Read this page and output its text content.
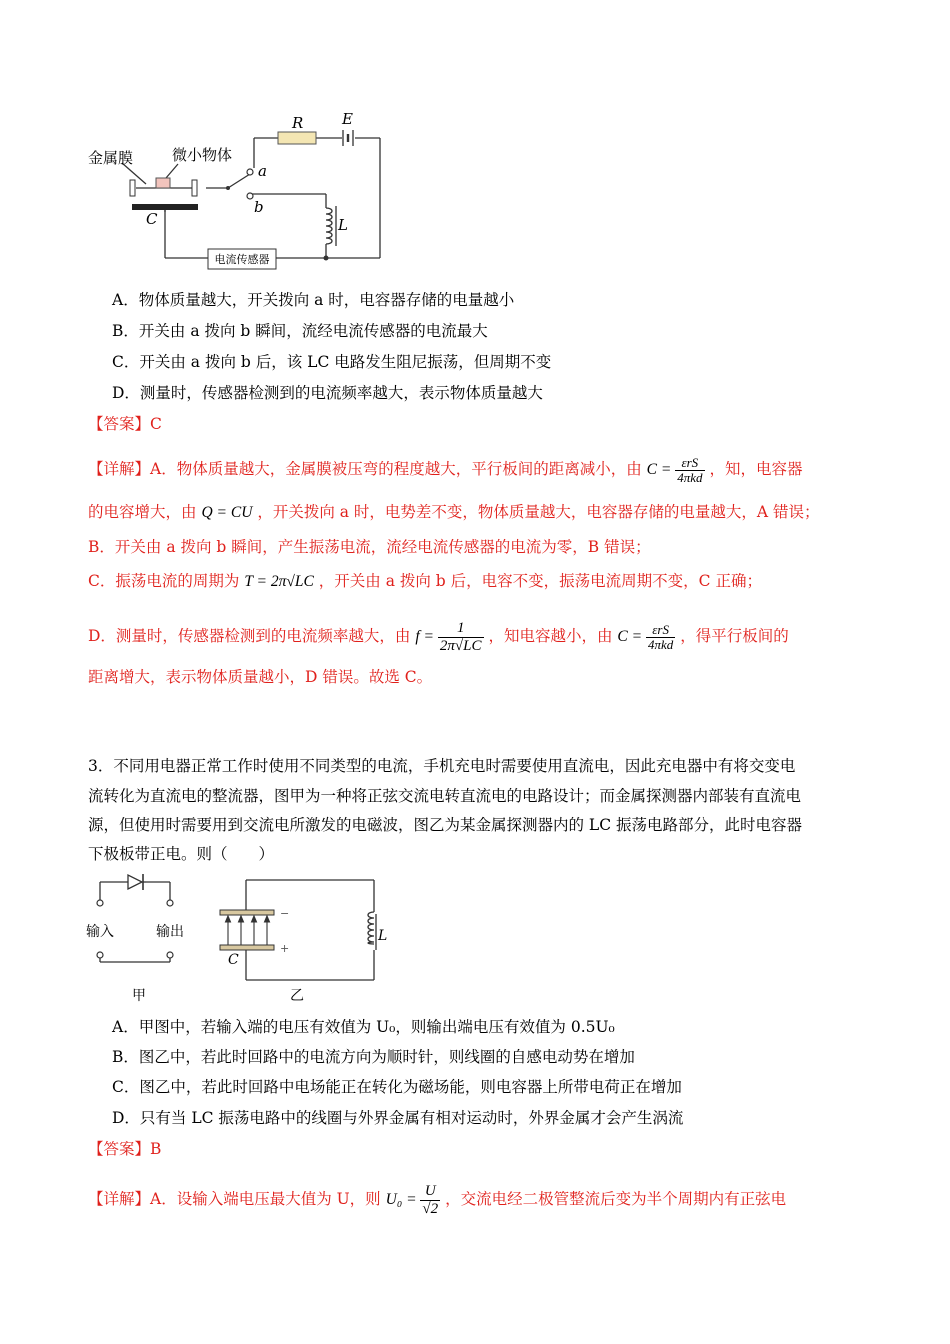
电流传感器
金属膜	微小物体
R	E
a
b
C	L
A．物体质量越大，开关拨向 a 时，电容器存储的电量越小
B．开关由 a 拨向 b 瞬间，流经电流传感器的电流最大
C．开关由 a 拨向 b 后，该 LC 电路发生阻尼振荡，但周期不变
D．测量时，传感器检测到的电流频率越大，表示物体质量越大
【答案】C
【详解】A．物体质量越大，金属膜被压弯的程度越大，平行板间的距离减小，由 $C = \frac{\text{εrS}}{\text{4πkd}}$ ，知，电容器
的电容增大，由 Q = CU ，开关拨向 a 时，电势差不变，物体质量越大，电容器存储的电量越大，A 错误；
B．开关由 a 拨向 b 瞬间，产生振荡电流，流经电流传感器的电流为零，B 错误；
C．振荡电流的周期为 T = 2π√LC ，开关由 a 拨向 b 后，电容不变，振荡电流周期不变，C 正确；
D．测量时，传感器检测到的电流频率越大，由 $f = \frac{1}{2\pi√LC}$ ，知电容越小，由 $C = \frac{\text{εrS}}{\text{4πkd}}$ ，得平行板间的
距离增大，表示物体质量越小，D 错误。故选 C。
3．不同用电器正常工作时使用不同类型的电流，手机充电时需要使用直流电，因此充电器中有将交变电
流转化为直流电的整流器，图甲为一种将正弦交流电转直流电的电路设计；而金属探测器内部装有直流电
源，但使用时需要用到交流电所激发的电磁波，图乙为某金属探测器内的 LC 振荡电路部分，此时电容器
下极板带正电。则（　　）
输入	输出
甲
−
+
C
L
乙
A．甲图中，若输入端的电压有效值为 U₀，则输出端电压有效值为 0.5U₀
B．图乙中，若此时回路中的电流方向为顺时针，则线圈的自感电动势在增加
C．图乙中，若此时回路中电场能正在转化为磁场能，则电容器上所带电荷正在增加
D．只有当 LC 振荡电路中的线圈与外界金属有相对运动时，外界金属才会产生涡流
【答案】B
【详解】A．设输入端电压最大值为 U，则 $U_0 = \frac{U}{√2}$ ，交流电经二极管整流后变为半个周期内有正弦电
